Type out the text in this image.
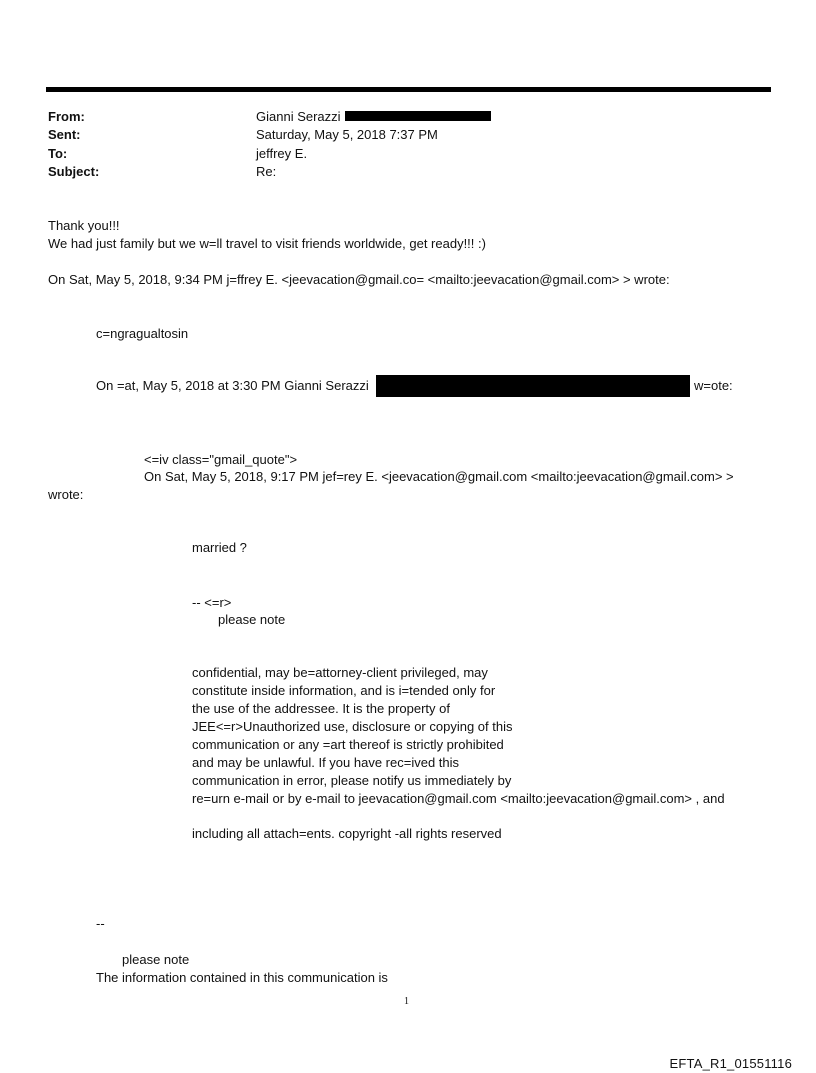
From:	Gianni Serazzi
Sent:	Saturday, May 5, 2018 7:37 PM
To:	jeffrey E.
Subject:	Re:
Thank you!!!
We had just family but we w=ll travel to visit friends worldwide, get ready!!! :)
On Sat, May 5, 2018, 9:34 PM j=ffrey E. <jeevacation@gmail.co= <mailto:jeevacation@gmail.com> > wrote:
c=ngragualtosin
On =at, May 5, 2018 at 3:30 PM Gianni Serazzi	w=ote:
<=iv class="gmail_quote">
On Sat, May 5, 2018, 9:17 PM jef=rey E. <jeevacation@gmail.com <mailto:jeevacation@gmail.com> >
wrote:
married ?
-- <=r>
please note
confidential, may be=attorney-client privileged, may
constitute inside information, and is i=tended only for
the use of the addressee. It is the property of
JEE<=r>Unauthorized use, disclosure or copying of this
communication or any =art thereof is strictly prohibited
and may be unlawful. If you have rec=ived this
communication in error, please notify us immediately by
re=urn e-mail or by e-mail to jeevacation@gmail.com <mailto:jeevacation@gmail.com> , and
including all attach=ents. copyright -all rights reserved
--
please note
The information contained in this communication is
1
EFTA_R1_01551116
